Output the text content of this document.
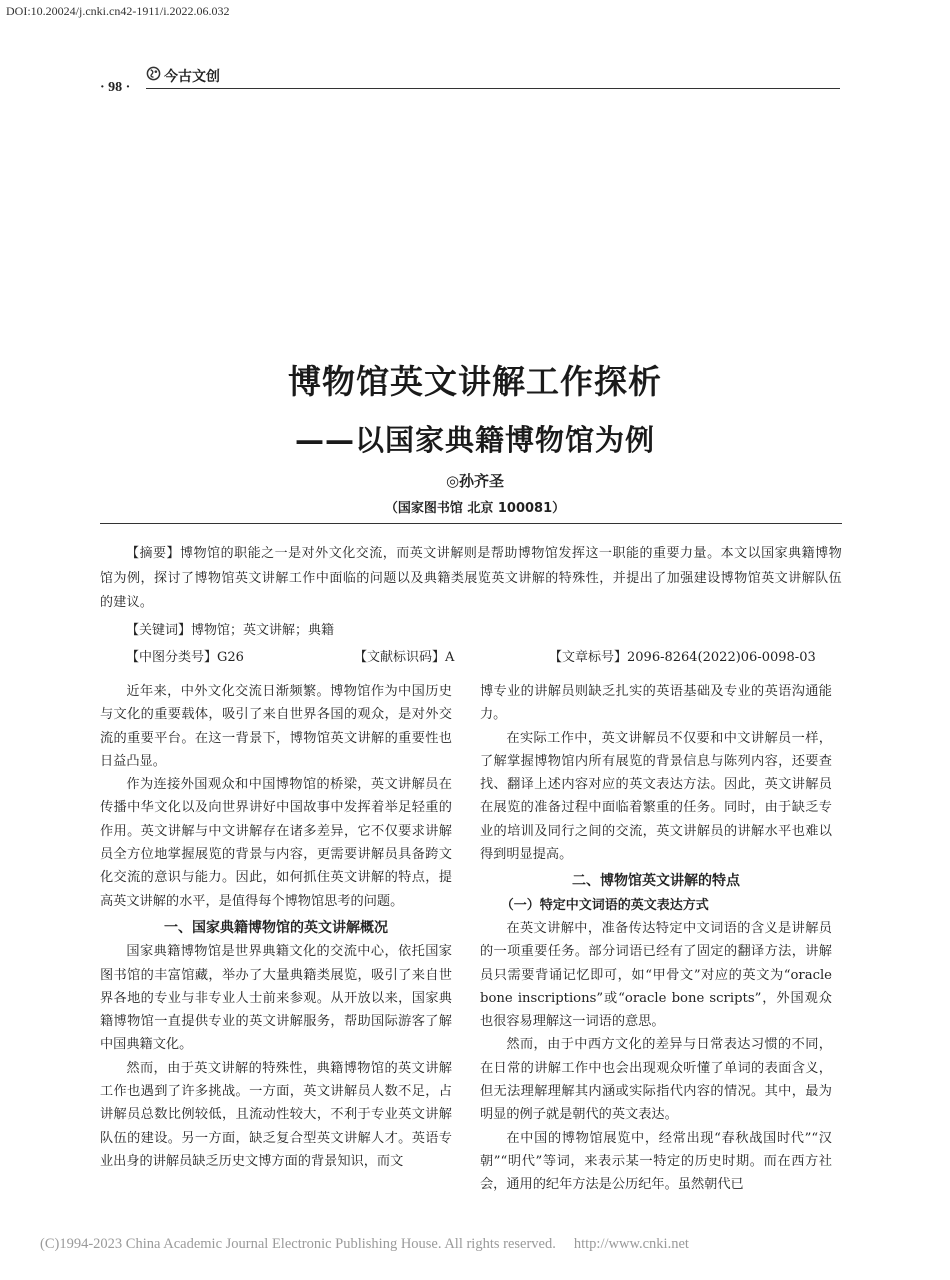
DOI:10.20024/j.cnki.cn42-1911/i.2022.06.032
· 98 ·
今古文创
博物馆英文讲解工作探析
——以国家典籍博物馆为例
◎孙齐圣
（国家图书馆 北京 100081）
【摘要】博物馆的职能之一是对外文化交流，而英文讲解则是帮助博物馆发挥这一职能的重要力量。本文以国家典籍博物馆为例，探讨了博物馆英文讲解工作中面临的问题以及典籍类展览英文讲解的特殊性，并提出了加强建设博物馆英文讲解队伍的建议。
【关键词】博物馆；英文讲解；典籍
【中图分类号】G26	【文献标识码】A	【文章标号】2096-8264(2022)06-0098-03

近年来，中外文化交流日渐频繁。博物馆作为中国历史与文化的重要载体，吸引了来自世界各国的观众，是对外交流的重要平台。在这一背景下，博物馆英文讲解的重要性也日益凸显。

作为连接外国观众和中国博物馆的桥梁，英文讲解员在传播中华文化以及向世界讲好中国故事中发挥着举足轻重的作用。英文讲解与中文讲解存在诸多差异，它不仅要求讲解员全方位地掌握展览的背景与内容，更需要讲解员具备跨文化交流的意识与能力。因此，如何抓住英文讲解的特点，提高英文讲解的水平，是值得每个博物馆思考的问题。

一、国家典籍博物馆的英文讲解概况

国家典籍博物馆是世界典籍文化的交流中心，依托国家图书馆的丰富馆藏，举办了大量典籍类展览，吸引了来自世界各地的专业与非专业人士前来参观。从开放以来，国家典籍博物馆一直提供专业的英文讲解服务，帮助国际游客了解中国典籍文化。

然而，由于英文讲解的特殊性，典籍博物馆的英文讲解工作也遇到了许多挑战。一方面，英文讲解员人数不足，占讲解员总数比例较低，且流动性较大，不利于专业英文讲解队伍的建设。另一方面，缺乏复合型英文讲解人才。英语专业出身的讲解员缺乏历史文博方面的背景知识，而文

博专业的讲解员则缺乏扎实的英语基础及专业的英语沟通能力。

在实际工作中，英文讲解员不仅要和中文讲解员一样，了解掌握博物馆内所有展览的背景信息与陈列内容，还要查找、翻译上述内容对应的英文表达方法。因此，英文讲解员在展览的准备过程中面临着繁重的任务。同时，由于缺乏专业的培训及同行之间的交流，英文讲解员的讲解水平也难以得到明显提高。

二、博物馆英文讲解的特点
（一）特定中文词语的英文表达方式

在英文讲解中，准备传达特定中文词语的含义是讲解员的一项重要任务。部分词语已经有了固定的翻译方法，讲解员只需要背诵记忆即可，如“甲骨文”对应的英文为“oracle bone inscriptions”或“oracle bone scripts”，外国观众也很容易理解这一词语的意思。

然而，由于中西方文化的差异与日常表达习惯的不同，在日常的讲解工作中也会出现观众听懂了单词的表面含义，但无法理解理解其内涵或实际指代内容的情况。其中，最为明显的例子就是朝代的英文表达。

在中国的博物馆展览中，经常出现“春秋战国时代”“汉朝”“明代”等词，来表示某一特定的历史时期。而在西方社会，通用的纪年方法是公历纪年。虽然朝代已

(C)1994-2023 China Academic Journal Electronic Publishing House. All rights reserved. http://www.cnki.net
